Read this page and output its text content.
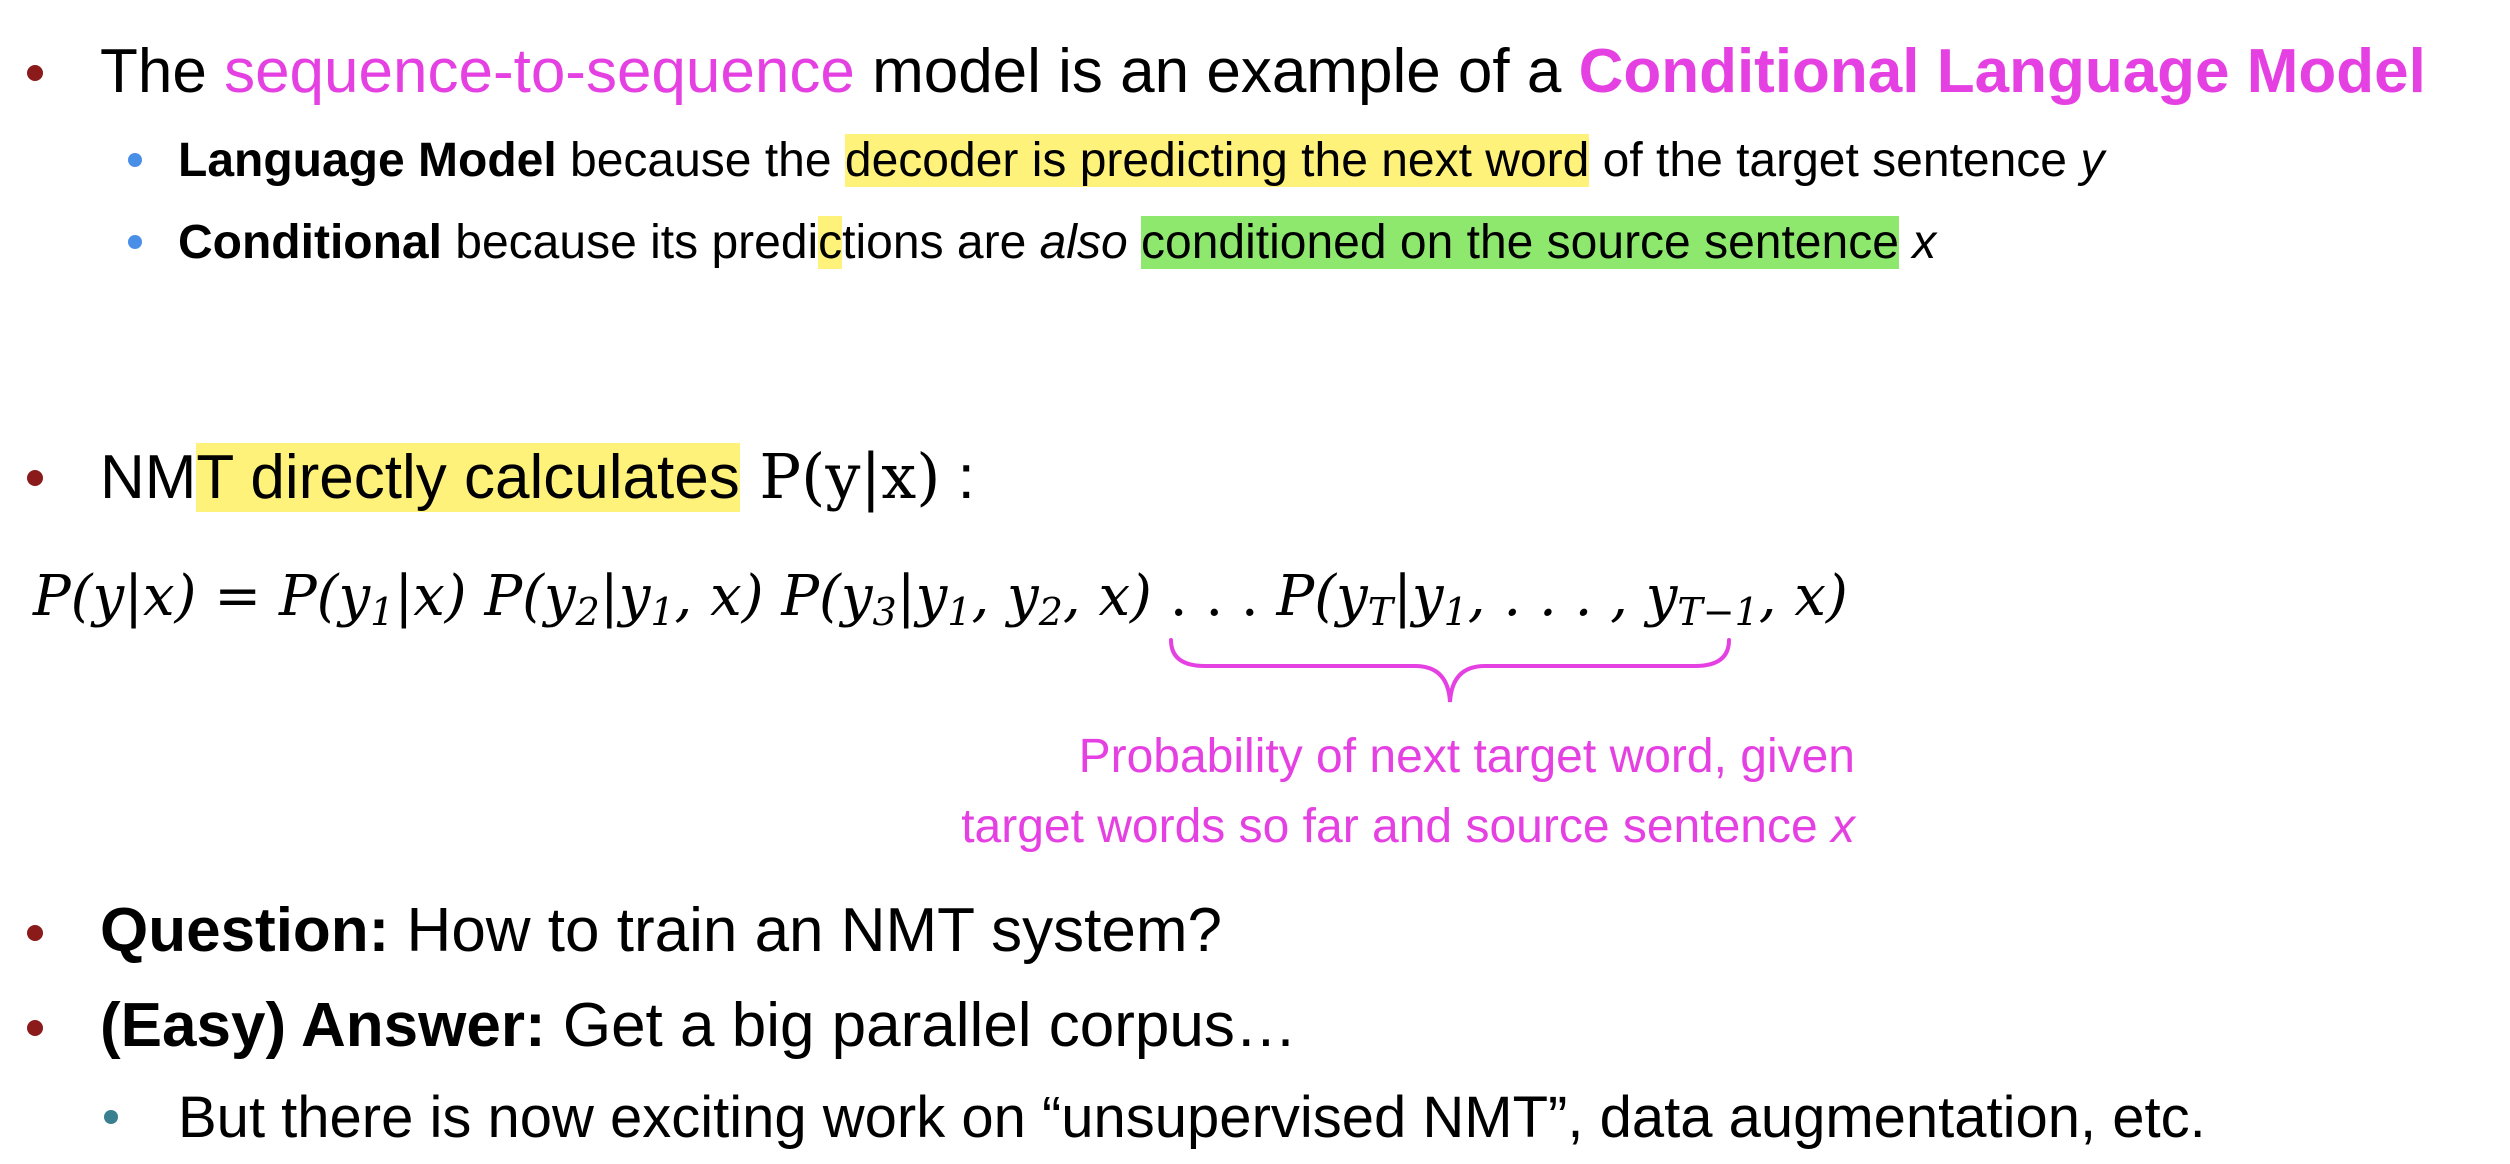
The sequence-to-sequence model is an example of a Conditional Language Model
Language Model because the decoder is predicting the next word of the target sentence y
Conditional because its predictions are also conditioned on the source sentence x
NMT directly calculates P(y|x) :
$P(y|x) = P(y_1|x)$ $P(y_2|y_1$, x) $P(y_3|y_1$, $y_2$, x) . . . $P(y_T|y_1$, . . . , $y_{T-1}$, x)
Probability of next target word, given
target words so far and source sentence x
Question: How to train an NMT system?
(Easy) Answer: Get a big parallel corpus…
But there is now exciting work on “unsupervised NMT”, data augmentation, etc.
